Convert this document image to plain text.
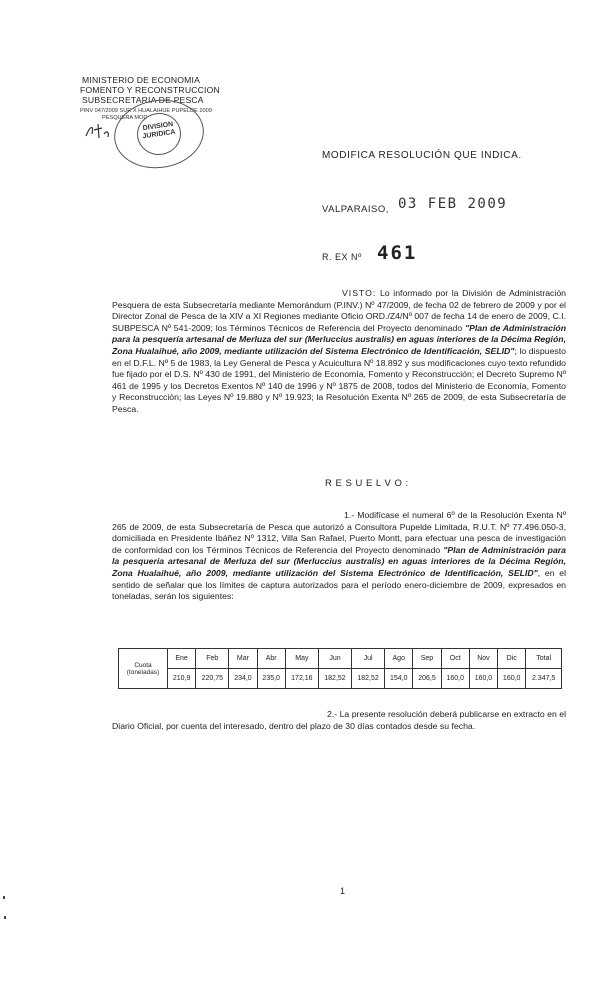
MINISTERIO DE ECONOMIA
FOMENTO Y RECONSTRUCCION
SUBSECRETARIA DE PESCA
PINV 047/2009 SUR X HUALAIHUE PUPELDE 2009
PESQUERA MOD
DIVISION JURIDICA
MODIFICA RESOLUCIÓN QUE INDICA.
VALPARAISO, 03 FEB 2009
R. EX Nº 461
VISTO: Lo informado por la División de Administración Pesquera de esta Subsecretaría mediante Memorándum (P.INV.) Nº 47/2009, de fecha 02 de febrero de 2009 y por el Director Zonal de Pesca de la XIV a XI Regiones mediante Oficio ORD./Z4/Nº 007 de fecha 14 de enero de 2009, C.I. SUBPESCA Nº 541-2009; los Términos Técnicos de Referencia del Proyecto denominado "Plan de Administración para la pesquería artesanal de Merluza del sur (Merluccius australis) en aguas interiores de la Décima Región, Zona Hualaihué, año 2009, mediante utilización del Sistema Electrónico de Identificación, SELID"; lo dispuesto en el D.F.L. Nº 5 de 1983, la Ley General de Pesca y Acuicultura Nº 18.892 y sus modificaciones cuyo texto refundido fue fijado por el D.S. Nº 430 de 1991, del Ministerio de Economía, Fomento y Reconstrucción; el Decreto Supremo Nº 461 de 1995 y los Decretos Exentos Nº 140 de 1996 y Nº 1875 de 2008, todos del Ministerio de Economía, Fomento y Reconstrucción; las Leyes Nº 19.880 y Nº 19.923; la Resolución Exenta Nº 265 de 2009, de esta Subsecretaría de Pesca.
R E S U E L V O :
1.- Modifícase el numeral 6º de la Resolución Exenta Nº 265 de 2009, de esta Subsecretaría de Pesca que autorizó a Consultora Pupelde Limitada, R.U.T. Nº 77.496.050-3, domiciliada en Presidente Ibáñez Nº 1312, Villa San Rafael, Puerto Montt, para efectuar una pesca de investigación de conformidad con los Términos Técnicos de Referencia del Proyecto denominado "Plan de Administración para la pesquería artesanal de Merluza del sur (Merluccius australis) en aguas interiores de la Décima Región, Zona Hualaihué, año 2009, mediante utilización del Sistema Electrónico de Identificación, SELID", en el sentido de señalar que los límites de captura autorizados para el período enero-diciembre de 2009, expresados en toneladas, serán los siguientes:
Cuota (toneladas)	Ene	Feb	Mar	Abr	May	Jun	Jul	Ago	Sep	Oct	Nov	Dic	Total
	210,9	220,75	234,0	235,0	172,16	182,52	182,52	154,0	206,5	160,0	160,0	160,0	2.347,5
2.- La presente resolución deberá publicarse en extracto en el Diario Oficial, por cuenta del interesado, dentro del plazo de 30 días contados desde su fecha.
1
